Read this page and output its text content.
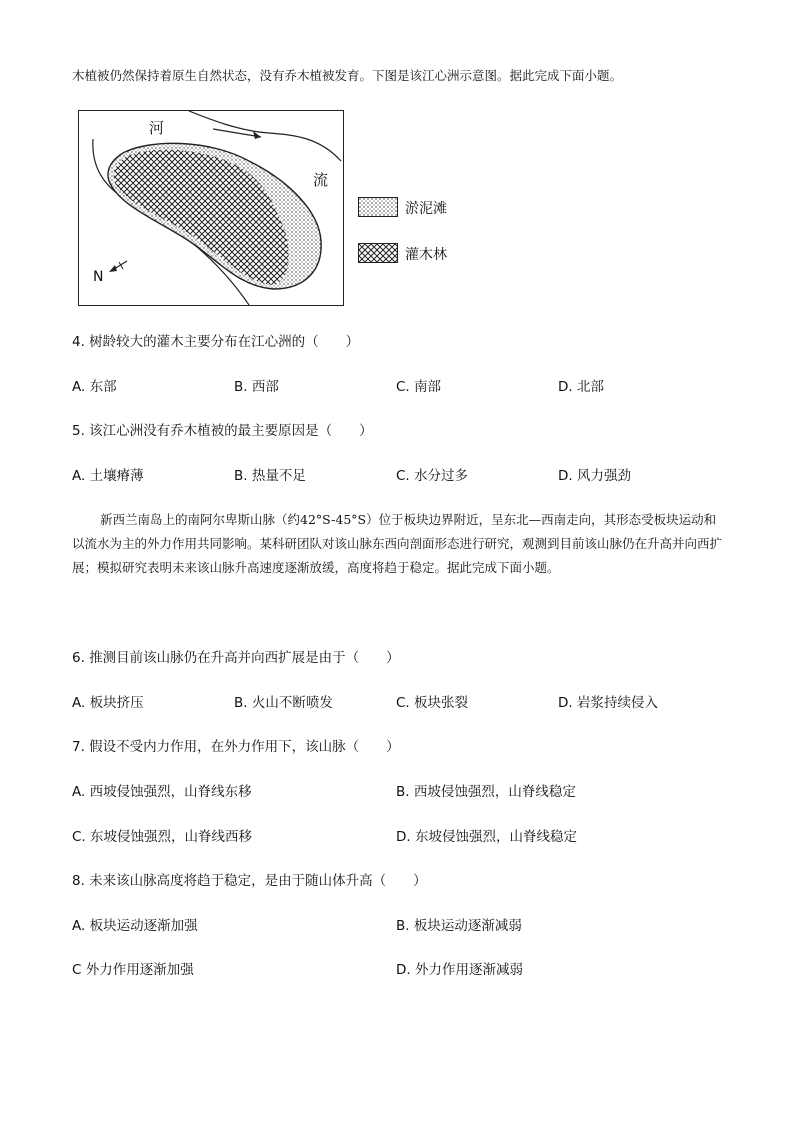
木植被仍然保持着原生自然状态，没有乔木植被发育。下图是该江心洲示意图。据此完成下面小题。
河
流
N
淤泥滩
灌木林
4. 树龄较大的灌木主要分布在江心洲的（　　）
A. 东部	B. 西部	C. 南部	D. 北部
5. 该江心洲没有乔木植被的最主要原因是（　　）
A. 土壤瘠薄	B. 热量不足	C. 水分过多	D. 风力强劲
新西兰南岛上的南阿尔卑斯山脉（约42°S-45°S）位于板块边界附近，呈东北—西南走向，其形态受板块运动和以流水为主的外力作用共同影响。某科研团队对该山脉东西向剖面形态进行研究，观测到目前该山脉仍在升高并向西扩展；模拟研究表明未来该山脉升高速度逐渐放缓，高度将趋于稳定。据此完成下面小题。
6. 推测目前该山脉仍在升高并向西扩展是由于（　　）
A. 板块挤压	B. 火山不断喷发	C. 板块张裂	D. 岩浆持续侵入
7. 假设不受内力作用，在外力作用下，该山脉（　　）
A. 西坡侵蚀强烈，山脊线东移	B. 西坡侵蚀强烈，山脊线稳定
C. 东坡侵蚀强烈，山脊线西移	D. 东坡侵蚀强烈，山脊线稳定
8. 未来该山脉高度将趋于稳定，是由于随山体升高（　　）
A. 板块运动逐渐加强	B. 板块运动逐渐减弱
C 外力作用逐渐加强	D. 外力作用逐渐减弱
